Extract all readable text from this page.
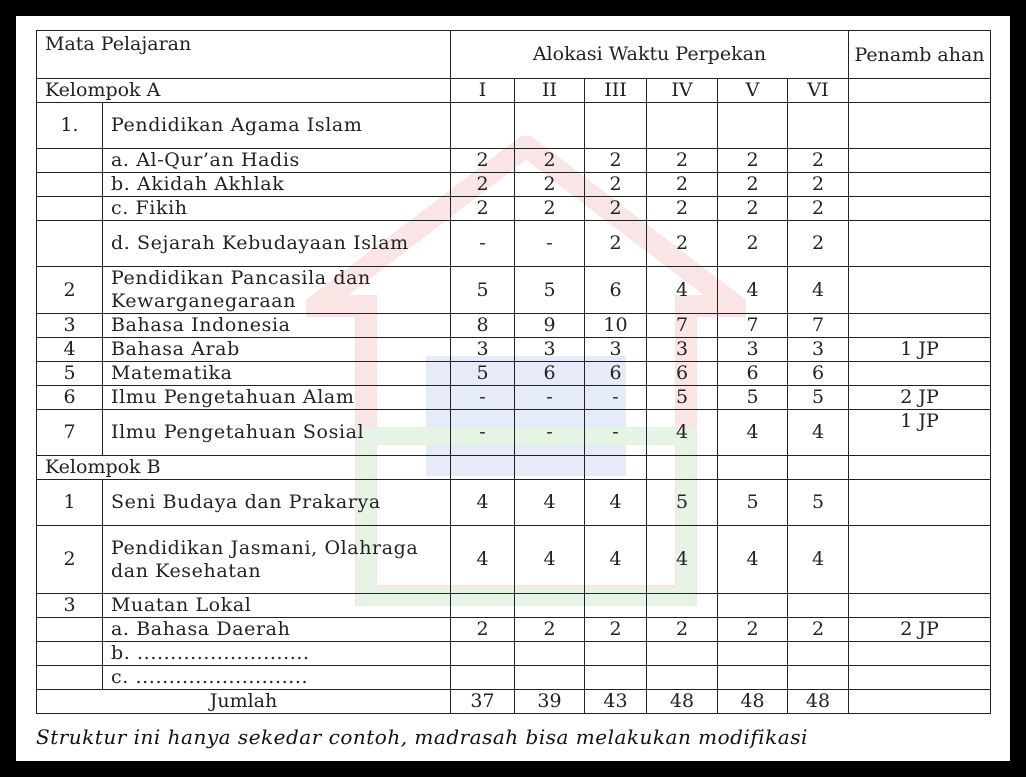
Mata Pelajaran		Alokasi Waktu Perpekan						Penamb ahan
Kelompok A		I	II	III	IV	V	VI	
1.	Pendidikan Agama Islam							
	a. Al-Qur’an Hadis	2	2	2	2	2	2	
	b. Akidah Akhlak	2	2	2	2	2	2	
	c. Fikih	2	2	2	2	2	2	
	d. Sejarah Kebudayaan Islam	-	-	2	2	2	2	
2	Pendidikan Pancasila dan Kewarganegaraan	5	5	6	4	4	4	
3	Bahasa Indonesia	8	9	10	7	7	7	
4	Bahasa Arab	3	3	3	3	3	3	1 JP
5	Matematika	5	6	6	6	6	6	
6	Ilmu Pengetahuan Alam	-	-	-	5	5	5	2 JP
7	Ilmu Pengetahuan Sosial	-	-	-	4	4	4	1 JP
Kelompok B								
1	Seni Budaya dan Prakarya	4	4	4	5	5	5	
2	Pendidikan Jasmani, Olahraga dan Kesehatan	4	4	4	4	4	4	
3	Muatan Lokal							
	a. Bahasa Daerah	2	2	2	2	2	2	2 JP
	b. ..........................							
	c. ..........................							
Jumlah		37	39	43	48	48	48	
Struktur ini hanya sekedar contoh, madrasah bisa melakukan modifikasi
